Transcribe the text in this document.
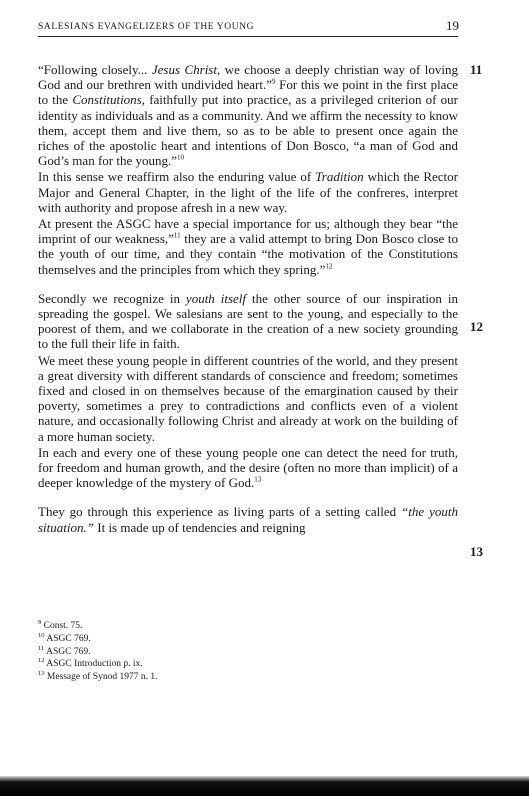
SALESIANS EVANGELIZERS OF THE YOUNG	19

“Following closely... Jesus Christ, we choose a deeply christian way of loving God and our brethren with undivided heart.”$^9$ For this we point in the first place to the Constitutions, faithfully put into practice, as a privileged criterion of our identity as individuals and as a community. And we affirm the necessity to know them, accept them and live them, so as to be able to present once again the riches of the apostolic heart and intentions of Don Bosco, “a man of God and God’s man for the young.”$^{10}$

In this sense we reaffirm also the enduring value of Tradition which the Rector Major and General Chapter, in the light of the life of the confreres, interpret with authority and propose afresh in a new way.

At present the ASGC have a special importance for us; although they bear “the imprint of our weakness,”$^{11}$ they are a valid attempt to bring Don Bosco close to the youth of our time, and they contain “the motivation of the Constitutions themselves and the principles from which they spring.”$^{12}$

Secondly we recognize in youth itself the other source of our inspiration in spreading the gospel. We salesians are sent to the young, and especially to the poorest of them, and we collaborate in the creation of a new society grounding to the full their life in faith.

We meet these young people in different countries of the world, and they present a great diversity with different standards of conscience and freedom; sometimes fixed and closed in on themselves because of the emargination caused by their poverty, sometimes a prey to contradictions and conflicts even of a violent nature, and occasionally following Christ and already at work on the building of a more human society.

In each and every one of these young people one can detect the need for truth, for freedom and human growth, and the desire (often no more than implicit) of a deeper knowledge of the mystery of God.$^{13}$

They go through this experience as living parts of a setting called “the youth situation.” It is made up of tendencies and reigning

11
12
13
$^9$ Const. 75.
$^{10}$ ASGC 769.
$^{11}$ ASGC 769.
$^{12}$ ASGC Introduction p. ix.
$^{13}$ Message of Synod 1977 n. 1.
